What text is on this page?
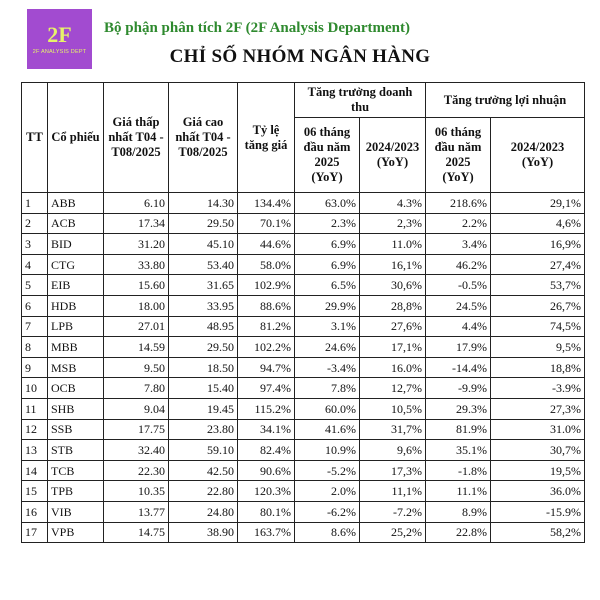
2F
2F ANALYSIS DEPT
Bộ phận phân tích 2F (2F Analysis Department)
CHỈ SỐ NHÓM NGÂN HÀNG
TT	Cổ phiếu	Giá thấp nhất T04 - T08/2025	Giá cao nhất T04 - T08/2025	Tỷ lệ tăng giá	Tăng trưởng doanh thu		Tăng trưởng lợi nhuận	
					06 tháng đầu năm 2025 (YoY)	2024/2023 (YoY)	06 tháng đầu năm 2025 (YoY)	2024/2023 (YoY)
1	ABB	6.10	14.30	134.4%	63.0%	4.3%	218.6%	29,1%
2	ACB	17.34	29.50	70.1%	2.3%	2,3%	2.2%	4,6%
3	BID	31.20	45.10	44.6%	6.9%	11.0%	3.4%	16,9%
4	CTG	33.80	53.40	58.0%	6.9%	16,1%	46.2%	27,4%
5	EIB	15.60	31.65	102.9%	6.5%	30,6%	-0.5%	53,7%
6	HDB	18.00	33.95	88.6%	29.9%	28,8%	24.5%	26,7%
7	LPB	27.01	48.95	81.2%	3.1%	27,6%	4.4%	74,5%
8	MBB	14.59	29.50	102.2%	24.6%	17,1%	17.9%	9,5%
9	MSB	9.50	18.50	94.7%	-3.4%	16.0%	-14.4%	18,8%
10	OCB	7.80	15.40	97.4%	7.8%	12,7%	-9.9%	-3.9%
11	SHB	9.04	19.45	115.2%	60.0%	10,5%	29.3%	27,3%
12	SSB	17.75	23.80	34.1%	41.6%	31,7%	81.9%	31.0%
13	STB	32.40	59.10	82.4%	10.9%	9,6%	35.1%	30,7%
14	TCB	22.30	42.50	90.6%	-5.2%	17,3%	-1.8%	19,5%
15	TPB	10.35	22.80	120.3%	2.0%	11,1%	11.1%	36.0%
16	VIB	13.77	24.80	80.1%	-6.2%	-7.2%	8.9%	-15.9%
17	VPB	14.75	38.90	163.7%	8.6%	25,2%	22.8%	58,2%
